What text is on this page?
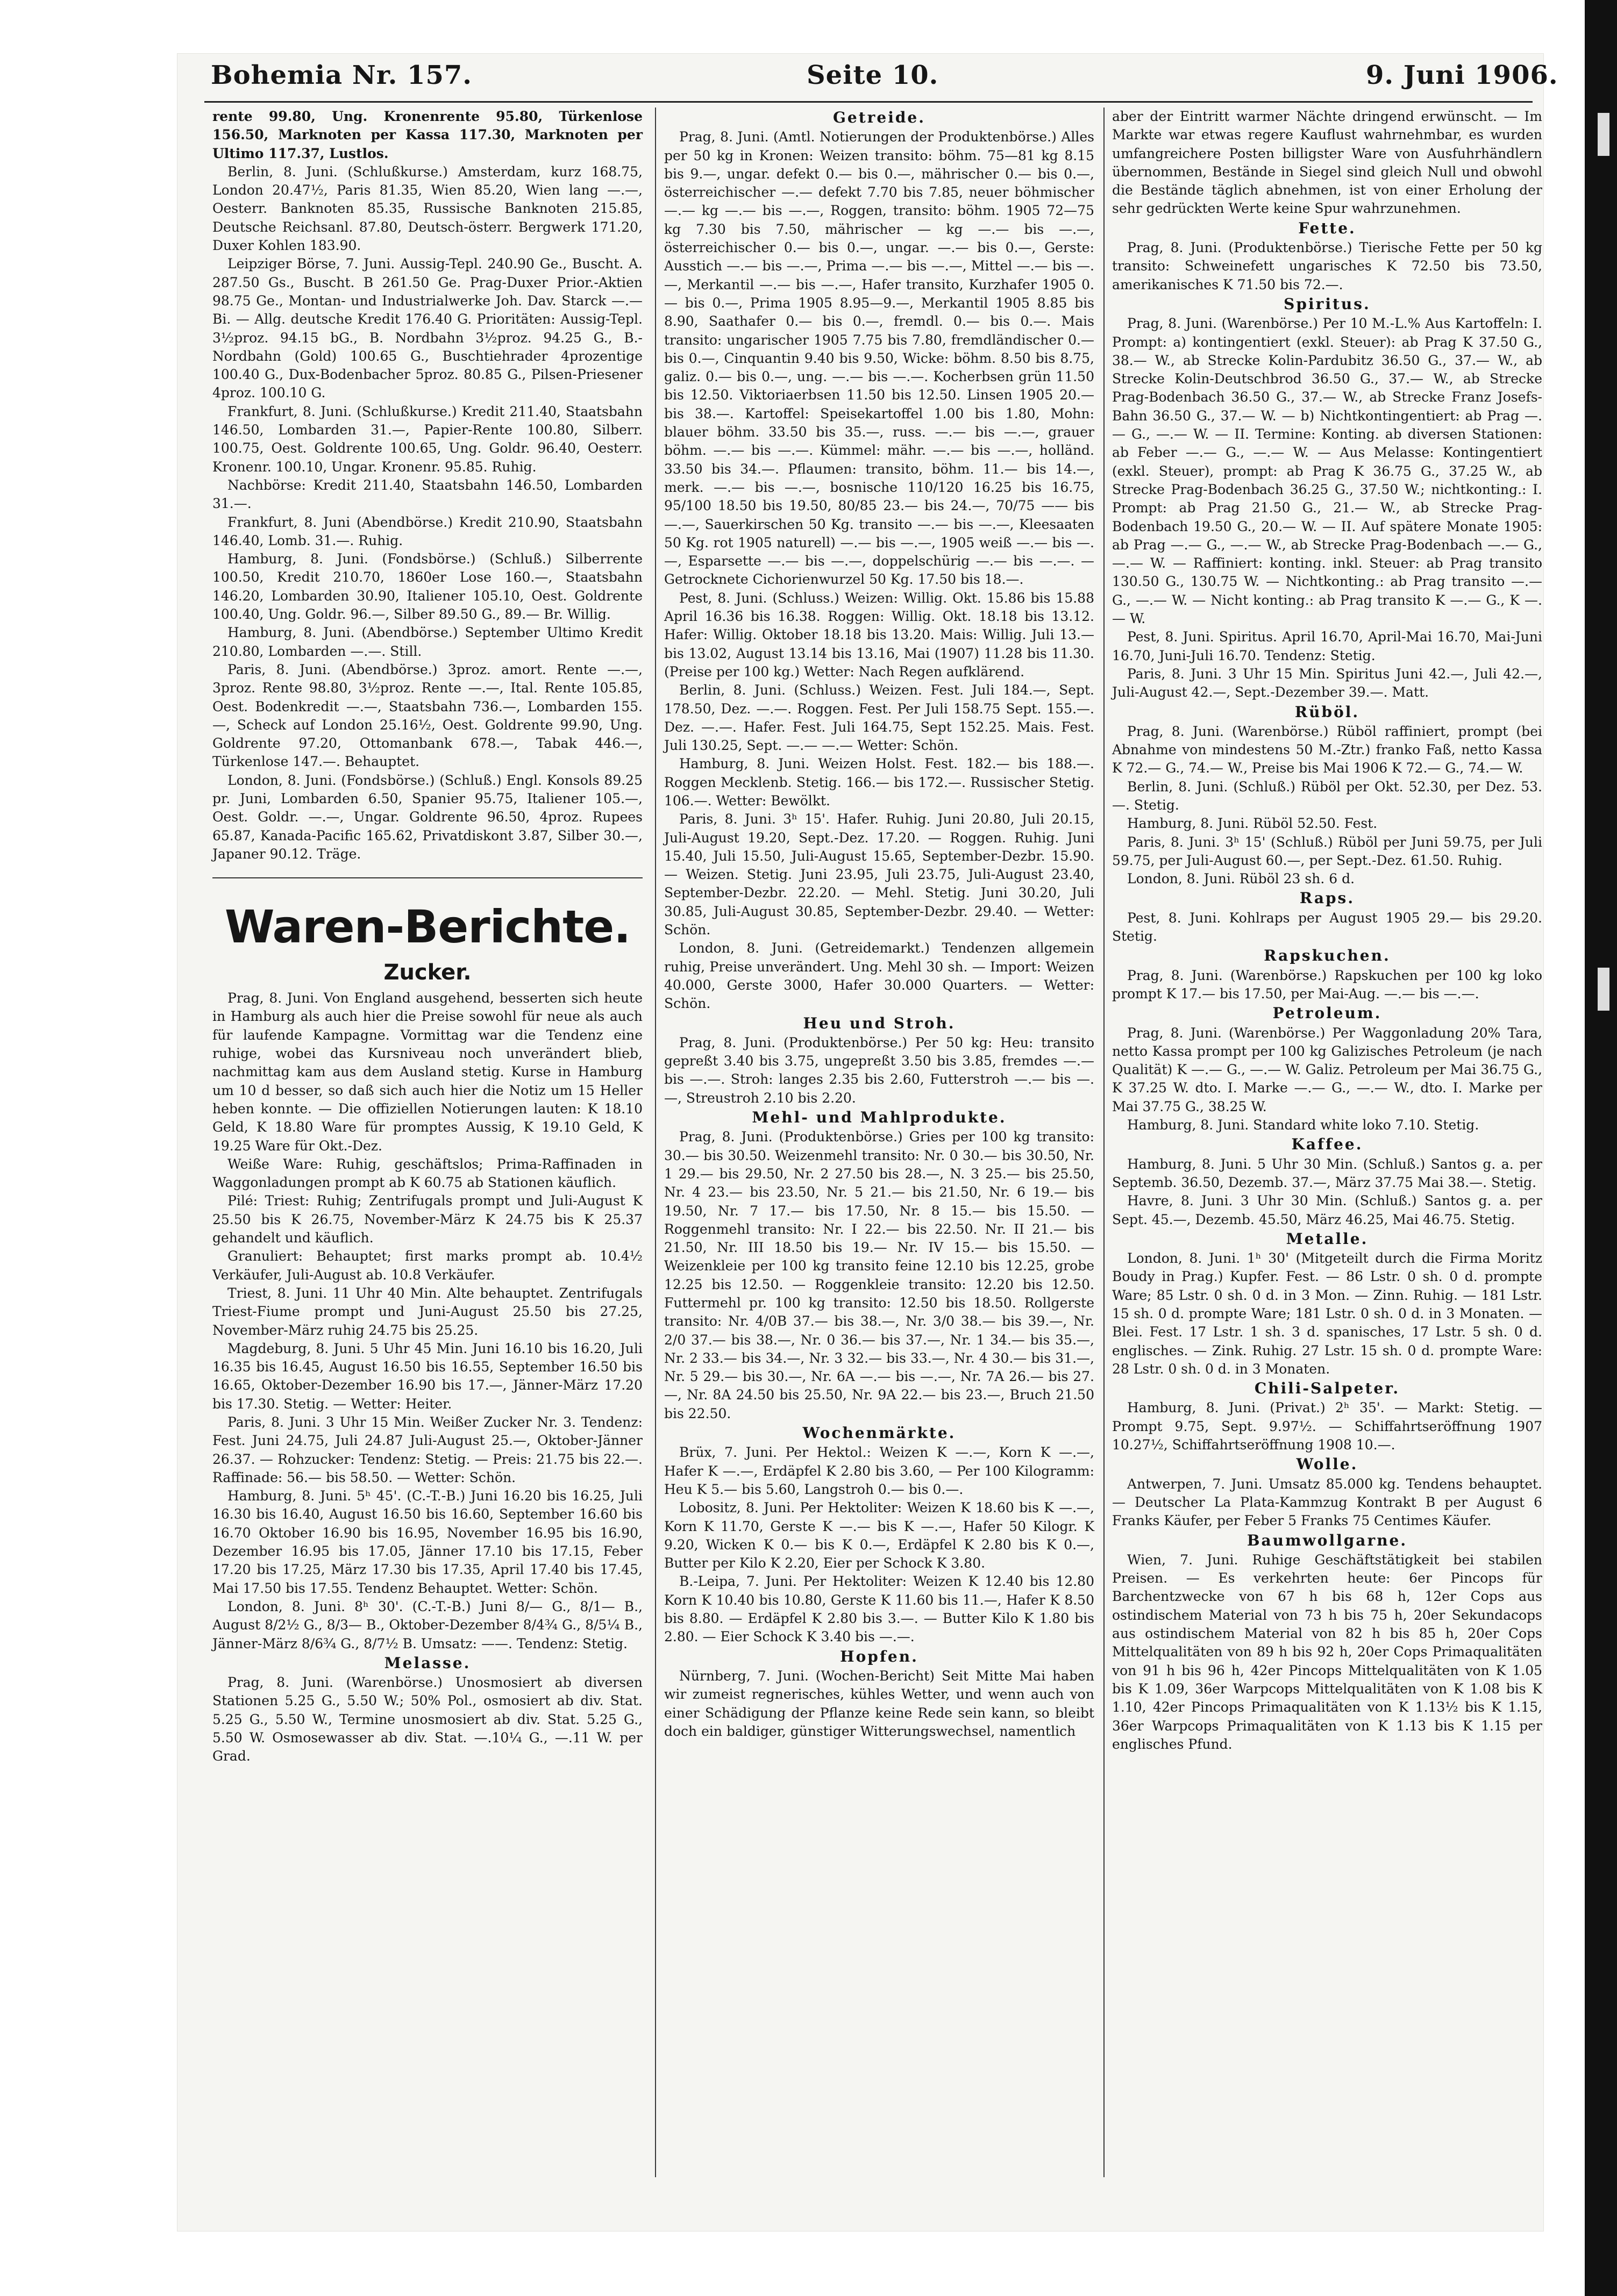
Bohemia Nr. 157.	Seite 10.	9. Juni 1906.

rente 99.80, Ung. Kronenrente 95.80, Türkenlose 156.50, Marknoten per Kassa 117.30, Marknoten per Ultimo 117.37, Lustlos.

Berlin, 8. Juni. (Schlußkurse.) Amsterdam, kurz 168.75, London 20.47½, Paris 81.35, Wien 85.20, Wien lang —.—, Oesterr. Banknoten 85.35, Russische Banknoten 215.85, Deutsche Reichsanl. 87.80, Deutsch-österr. Bergwerk 171.20, Duxer Kohlen 183.90.

Leipziger Börse, 7. Juni. Aussig-Tepl. 240.90 Ge., Buscht. A. 287.50 Gs., Buscht. B 261.50 Ge. Prag-Duxer Prior.-Aktien 98.75 Ge., Montan- und Industrialwerke Joh. Dav. Starck —.— Bi. — Allg. deutsche Kredit 176.40 G. Prioritäten: Aussig-Tepl. 3½proz. 94.15 bG., B. Nordbahn 3½proz. 94.25 G., B.-Nordbahn (Gold) 100.65 G., Buschtiehrader 4prozentige 100.40 G., Dux-Bodenbacher 5proz. 80.85 G., Pilsen-Priesener 4proz. 100.10 G.

Frankfurt, 8. Juni. (Schlußkurse.) Kredit 211.40, Staatsbahn 146.50, Lombarden 31.—, Papier-Rente 100.80, Silberr. 100.75, Oest. Goldrente 100.65, Ung. Goldr. 96.40, Oesterr. Kronenr. 100.10, Ungar. Kronenr. 95.85. Ruhig.

Nachbörse: Kredit 211.40, Staatsbahn 146.50, Lombarden 31.—.

Frankfurt, 8. Juni (Abendbörse.) Kredit 210.90, Staatsbahn 146.40, Lomb. 31.—. Ruhig.

Hamburg, 8. Juni. (Fondsbörse.) (Schluß.) Silberrente 100.50, Kredit 210.70, 1860er Lose 160.—, Staatsbahn 146.20, Lombarden 30.90, Italiener 105.10, Oest. Goldrente 100.40, Ung. Goldr. 96.—, Silber 89.50 G., 89.— Br. Willig.

Hamburg, 8. Juni. (Abendbörse.) September Ultimo Kredit 210.80, Lombarden —.—. Still.

Paris, 8. Juni. (Abendbörse.) 3proz. amort. Rente —.—, 3proz. Rente 98.80, 3½proz. Rente —.—, Ital. Rente 105.85, Oest. Bodenkredit —.—, Staatsbahn 736.—, Lombarden 155.—, Scheck auf London 25.16½, Oest. Goldrente 99.90, Ung. Goldrente 97.20, Ottomanbank 678.—, Tabak 446.—, Türkenlose 147.—. Behauptet.

London, 8. Juni. (Fondsbörse.) (Schluß.) Engl. Konsols 89.25 pr. Juni, Lombarden 6.50, Spanier 95.75, Italiener 105.—, Oest. Goldr. —.—, Ungar. Goldrente 96.50, 4proz. Rupees 65.87, Kanada-Pacific 165.62, Privatdiskont 3.87, Silber 30.—, Japaner 90.12. Träge.

Waren-Berichte.
Zucker.

Prag, 8. Juni. Von England ausgehend, besserten sich heute in Hamburg als auch hier die Preise sowohl für neue als auch für laufende Kampagne. Vormittag war die Tendenz eine ruhige, wobei das Kursniveau noch unverändert blieb, nachmittag kam aus dem Ausland stetig. Kurse in Hamburg um 10 d besser, so daß sich auch hier die Notiz um 15 Heller heben konnte. — Die offiziellen Notierungen lauten: K 18.10 Geld, K 18.80 Ware für promptes Aussig, K 19.10 Geld, K 19.25 Ware für Okt.-Dez.

Weiße Ware: Ruhig, geschäftslos; Prima-Raffinaden in Waggonladungen prompt ab K 60.75 ab Stationen käuflich.

Pilé: Triest: Ruhig; Zentrifugals prompt und Juli-August K 25.50 bis K 26.75, November-März K 24.75 bis K 25.37 gehandelt und käuflich.

Granuliert: Behauptet; first marks prompt ab. 10.4½ Verkäufer, Juli-August ab. 10.8 Verkäufer.

Triest, 8. Juni. 11 Uhr 40 Min. Alte behauptet. Zentrifugals Triest-Fiume prompt und Juni-August 25.50 bis 27.25, November-März ruhig 24.75 bis 25.25.

Magdeburg, 8. Juni. 5 Uhr 45 Min. Juni 16.10 bis 16.20, Juli 16.35 bis 16.45, August 16.50 bis 16.55, September 16.50 bis 16.65, Oktober-Dezember 16.90 bis 17.—, Jänner-März 17.20 bis 17.30. Stetig. — Wetter: Heiter.

Paris, 8. Juni. 3 Uhr 15 Min. Weißer Zucker Nr. 3. Tendenz: Fest. Juni 24.75, Juli 24.87 Juli-August 25.—, Oktober-Jänner 26.37. — Rohzucker: Tendenz: Stetig. — Preis: 21.75 bis 22.—. Raffinade: 56.— bis 58.50. — Wetter: Schön.

Hamburg, 8. Juni. 5ʰ 45'. (C.-T.-B.) Juni 16.20 bis 16.25, Juli 16.30 bis 16.40, August 16.50 bis 16.60, September 16.60 bis 16.70 Oktober 16.90 bis 16.95, November 16.95 bis 16.90, Dezember 16.95 bis 17.05, Jänner 17.10 bis 17.15, Feber 17.20 bis 17.25, März 17.30 bis 17.35, April 17.40 bis 17.45, Mai 17.50 bis 17.55. Tendenz Behauptet. Wetter: Schön.

London, 8. Juni. 8ʰ 30'. (C.-T.-B.) Juni 8/— G., 8/1— B., August 8/2½ G., 8/3— B., Oktober-Dezember 8/4¾ G., 8/5¼ B., Jänner-März 8/6¾ G., 8/7½ B. Umsatz: ——. Tendenz: Stetig.

Melasse.

Prag, 8. Juni. (Warenbörse.) Unosmosiert ab diversen Stationen 5.25 G., 5.50 W.; 50% Pol., osmosiert ab div. Stat. 5.25 G., 5.50 W., Termine unosmosiert ab div. Stat. 5.25 G., 5.50 W. Osmosewasser ab div. Stat. —.10¼ G., —.11 W. per Grad.

Getreide.

Prag, 8. Juni. (Amtl. Notierungen der Produktenbörse.) Alles per 50 kg in Kronen: Weizen transito: böhm. 75—81 kg 8.15 bis 9.—, ungar. defekt 0.— bis 0.—, mährischer 0.— bis 0.—, österreichischer —.— defekt 7.70 bis 7.85, neuer böhmischer —.— kg —.— bis —.—, Roggen, transito: böhm. 1905 72—75 kg 7.30 bis 7.50, mährischer — kg —.— bis —.—, österreichischer 0.— bis 0.—, ungar. —.— bis 0.—, Gerste: Ausstich —.— bis —.—, Prima —.— bis —.—, Mittel —.— bis —.—, Merkantil —.— bis —.—, Hafer transito, Kurzhafer 1905 0.— bis 0.—, Prima 1905 8.95—9.—, Merkantil 1905 8.85 bis 8.90, Saathafer 0.— bis 0.—, fremdl. 0.— bis 0.—. Mais transito: ungarischer 1905 7.75 bis 7.80, fremdländischer 0.— bis 0.—, Cinquantin 9.40 bis 9.50, Wicke: böhm. 8.50 bis 8.75, galiz. 0.— bis 0.—, ung. —.— bis —.—. Kocherbsen grün 11.50 bis 12.50. Viktoriaerbsen 11.50 bis 12.50. Linsen 1905 20.— bis 38.—. Kartoffel: Speisekartoffel 1.00 bis 1.80, Mohn: blauer böhm. 33.50 bis 35.—, russ. —.— bis —.—, grauer böhm. —.— bis —.—. Kümmel: mähr. —.— bis —.—, holländ. 33.50 bis 34.—. Pflaumen: transito, böhm. 11.— bis 14.—, merk. —.— bis —.—, bosnische 110/120 16.25 bis 16.75, 95/100 18.50 bis 19.50, 80/85 23.— bis 24.—, 70/75 —— bis —.—, Sauerkirschen 50 Kg. transito —.— bis —.—, Kleesaaten 50 Kg. rot 1905 naturell) —.— bis —.—, 1905 weiß —.— bis —.—, Esparsette —.— bis —.—, doppelschürig —.— bis —.—. — Getrocknete Cichorienwurzel 50 Kg. 17.50 bis 18.—.

Pest, 8. Juni. (Schluss.) Weizen: Willig. Okt. 15.86 bis 15.88 April 16.36 bis 16.38. Roggen: Willig. Okt. 18.18 bis 13.12. Hafer: Willig. Oktober 18.18 bis 13.20. Mais: Willig. Juli 13.— bis 13.02, August 13.14 bis 13.16, Mai (1907) 11.28 bis 11.30. (Preise per 100 kg.) Wetter: Nach Regen aufklärend.

Berlin, 8. Juni. (Schluss.) Weizen. Fest. Juli 184.—, Sept. 178.50, Dez. —.—. Roggen. Fest. Per Juli 158.75 Sept. 155.—. Dez. —.—. Hafer. Fest. Juli 164.75, Sept 152.25. Mais. Fest. Juli 130.25, Sept. —.— —.— Wetter: Schön.

Hamburg, 8. Juni. Weizen Holst. Fest. 182.— bis 188.—. Roggen Mecklenb. Stetig. 166.— bis 172.—. Russischer Stetig. 106.—. Wetter: Bewölkt.

Paris, 8. Juni. 3ʰ 15'. Hafer. Ruhig. Juni 20.80, Juli 20.15, Juli-August 19.20, Sept.-Dez. 17.20. — Roggen. Ruhig. Juni 15.40, Juli 15.50, Juli-August 15.65, September-Dezbr. 15.90. — Weizen. Stetig. Juni 23.95, Juli 23.75, Juli-August 23.40, September-Dezbr. 22.20. — Mehl. Stetig. Juni 30.20, Juli 30.85, Juli-August 30.85, September-Dezbr. 29.40. — Wetter: Schön.

London, 8. Juni. (Getreidemarkt.) Tendenzen allgemein ruhig, Preise unverändert. Ung. Mehl 30 sh. — Import: Weizen 40.000, Gerste 3000, Hafer 30.000 Quarters. — Wetter: Schön.

Heu und Stroh.

Prag, 8. Juni. (Produktenbörse.) Per 50 kg: Heu: transito gepreßt 3.40 bis 3.75, ungepreßt 3.50 bis 3.85, fremdes —.— bis —.—. Stroh: langes 2.35 bis 2.60, Futterstroh —.— bis —.—, Streustroh 2.10 bis 2.20.

Mehl- und Mahlprodukte.

Prag, 8. Juni. (Produktenbörse.) Gries per 100 kg transito: 30.— bis 30.50. Weizenmehl transito: Nr. 0 30.— bis 30.50, Nr. 1 29.— bis 29.50, Nr. 2 27.50 bis 28.—, N. 3 25.— bis 25.50, Nr. 4 23.— bis 23.50, Nr. 5 21.— bis 21.50, Nr. 6 19.— bis 19.50, Nr. 7 17.— bis 17.50, Nr. 8 15.— bis 15.50. — Roggenmehl transito: Nr. I 22.— bis 22.50. Nr. II 21.— bis 21.50, Nr. III 18.50 bis 19.— Nr. IV 15.— bis 15.50. — Weizenkleie per 100 kg transito feine 12.10 bis 12.25, grobe 12.25 bis 12.50. — Roggenkleie transito: 12.20 bis 12.50. Futtermehl pr. 100 kg transito: 12.50 bis 18.50. Rollgerste transito: Nr. 4/0B 37.— bis 38.—, Nr. 3/0 38.— bis 39.—, Nr. 2/0 37.— bis 38.—, Nr. 0 36.— bis 37.—, Nr. 1 34.— bis 35.—, Nr. 2 33.— bis 34.—, Nr. 3 32.— bis 33.—, Nr. 4 30.— bis 31.—, Nr. 5 29.— bis 30.—, Nr. 6A —.— bis —.—, Nr. 7A 26.— bis 27.—, Nr. 8A 24.50 bis 25.50, Nr. 9A 22.— bis 23.—, Bruch 21.50 bis 22.50.

Wochenmärkte.

Brüx, 7. Juni. Per Hektol.: Weizen K —.—, Korn K —.—, Hafer K —.—, Erdäpfel K 2.80 bis 3.60, — Per 100 Kilogramm: Heu K 5.— bis 5.60, Langstroh 0.— bis 0.—.

Lobositz, 8. Juni. Per Hektoliter: Weizen K 18.60 bis K —.—, Korn K 11.70, Gerste K —.— bis K —.—, Hafer 50 Kilogr. K 9.20, Wicken K 0.— bis K 0.—, Erdäpfel K 2.80 bis K 0.—, Butter per Kilo K 2.20, Eier per Schock K 3.80.

B.-Leipa, 7. Juni. Per Hektoliter: Weizen K 12.40 bis 12.80 Korn K 10.40 bis 10.80, Gerste K 11.60 bis 11.—, Hafer K 8.50 bis 8.80. — Erdäpfel K 2.80 bis 3.—. — Butter Kilo K 1.80 bis 2.80. — Eier Schock K 3.40 bis —.—.

Hopfen.

Nürnberg, 7. Juni. (Wochen-Bericht) Seit Mitte Mai haben wir zumeist regnerisches, kühles Wetter, und wenn auch von einer Schädigung der Pflanze keine Rede sein kann, so bleibt doch ein baldiger, günstiger Witterungswechsel, namentlich

aber der Eintritt warmer Nächte dringend erwünscht. — Im Markte war etwas regere Kauflust wahrnehmbar, es wurden umfangreichere Posten billigster Ware von Ausfuhrhändlern übernommen, Bestände in Siegel sind gleich Null und obwohl die Bestände täglich abnehmen, ist von einer Erholung der sehr gedrückten Werte keine Spur wahrzunehmen.

Fette.

Prag, 8. Juni. (Produktenbörse.) Tierische Fette per 50 kg transito: Schweinefett ungarisches K 72.50 bis 73.50, amerikanisches K 71.50 bis 72.—.

Spiritus.

Prag, 8. Juni. (Warenbörse.) Per 10 M.-L.% Aus Kartoffeln: I. Prompt: a) kontingentiert (exkl. Steuer): ab Prag K 37.50 G., 38.— W., ab Strecke Kolin-Pardubitz 36.50 G., 37.— W., ab Strecke Kolin-Deutschbrod 36.50 G., 37.— W., ab Strecke Prag-Bodenbach 36.50 G., 37.— W., ab Strecke Franz Josefs-Bahn 36.50 G., 37.— W. — b) Nichtkontingentiert: ab Prag —.— G., —.— W. — II. Termine: Konting. ab diversen Stationen: ab Feber —.— G., —.— W. — Aus Melasse: Kontingentiert (exkl. Steuer), prompt: ab Prag K 36.75 G., 37.25 W., ab Strecke Prag-Bodenbach 36.25 G., 37.50 W.; nichtkonting.: I. Prompt: ab Prag 21.50 G., 21.— W., ab Strecke Prag-Bodenbach 19.50 G., 20.— W. — II. Auf spätere Monate 1905: ab Prag —.— G., —.— W., ab Strecke Prag-Bodenbach —.— G., —.— W. — Raffiniert: konting. inkl. Steuer: ab Prag transito 130.50 G., 130.75 W. — Nichtkonting.: ab Prag transito —.— G., —.— W. — Nicht konting.: ab Prag transito K —.— G., K —.— W.

Pest, 8. Juni. Spiritus. April 16.70, April-Mai 16.70, Mai-Juni 16.70, Juni-Juli 16.70. Tendenz: Stetig.

Paris, 8. Juni. 3 Uhr 15 Min. Spiritus Juni 42.—, Juli 42.—, Juli-August 42.—, Sept.-Dezember 39.—. Matt.

Rüböl.

Prag, 8. Juni. (Warenbörse.) Rüböl raffiniert, prompt (bei Abnahme von mindestens 50 M.-Ztr.) franko Faß, netto Kassa K 72.— G., 74.— W., Preise bis Mai 1906 K 72.— G., 74.— W.

Berlin, 8. Juni. (Schluß.) Rüböl per Okt. 52.30, per Dez. 53.—. Stetig.

Hamburg, 8. Juni. Rüböl 52.50. Fest.

Paris, 8. Juni. 3ʰ 15' (Schluß.) Rüböl per Juni 59.75, per Juli 59.75, per Juli-August 60.—, per Sept.-Dez. 61.50. Ruhig.

London, 8. Juni. Rüböl 23 sh. 6 d.

Raps.

Pest, 8. Juni. Kohlraps per August 1905 29.— bis 29.20. Stetig.

Rapskuchen.

Prag, 8. Juni. (Warenbörse.) Rapskuchen per 100 kg loko prompt K 17.— bis 17.50, per Mai-Aug. —.— bis —.—.

Petroleum.

Prag, 8. Juni. (Warenbörse.) Per Waggonladung 20% Tara, netto Kassa prompt per 100 kg Galizisches Petroleum (je nach Qualität) K —.— G., —.— W. Galiz. Petroleum per Mai 36.75 G., K 37.25 W. dto. I. Marke —.— G., —.— W., dto. I. Marke per Mai 37.75 G., 38.25 W.

Hamburg, 8. Juni. Standard white loko 7.10. Stetig.

Kaffee.

Hamburg, 8. Juni. 5 Uhr 30 Min. (Schluß.) Santos g. a. per Septemb. 36.50, Dezemb. 37.—, März 37.75 Mai 38.—. Stetig.

Havre, 8. Juni. 3 Uhr 30 Min. (Schluß.) Santos g. a. per Sept. 45.—, Dezemb. 45.50, März 46.25, Mai 46.75. Stetig.

Metalle.

London, 8. Juni. 1ʰ 30' (Mitgeteilt durch die Firma Moritz Boudy in Prag.) Kupfer. Fest. — 86 Lstr. 0 sh. 0 d. prompte Ware; 85 Lstr. 0 sh. 0 d. in 3 Mon. — Zinn. Ruhig. — 181 Lstr. 15 sh. 0 d. prompte Ware; 181 Lstr. 0 sh. 0 d. in 3 Monaten. — Blei. Fest. 17 Lstr. 1 sh. 3 d. spanisches, 17 Lstr. 5 sh. 0 d. englisches. — Zink. Ruhig. 27 Lstr. 15 sh. 0 d. prompte Ware: 28 Lstr. 0 sh. 0 d. in 3 Monaten.

Chili-Salpeter.

Hamburg, 8. Juni. (Privat.) 2ʰ 35'. — Markt: Stetig. — Prompt 9.75, Sept. 9.97½. — Schiffahrtseröffnung 1907 10.27½, Schiffahrtseröffnung 1908 10.—.

Wolle.

Antwerpen, 7. Juni. Umsatz 85.000 kg. Tendens behauptet. — Deutscher La Plata-Kammzug Kontrakt B per August 6 Franks Käufer, per Feber 5 Franks 75 Centimes Käufer.

Baumwollgarne.

Wien, 7. Juni. Ruhige Geschäftstätigkeit bei stabilen Preisen. — Es verkehrten heute: 6er Pincops für Barchentzwecke von 67 h bis 68 h, 12er Cops aus ostindischem Material von 73 h bis 75 h, 20er Sekundacops aus ostindischem Material von 82 h bis 85 h, 20er Cops Mittelqualitäten von 89 h bis 92 h, 20er Cops Primaqualitäten von 91 h bis 96 h, 42er Pincops Mittelqualitäten von K 1.05 bis K 1.09, 36er Warpcops Mittelqualitäten von K 1.08 bis K 1.10, 42er Pincops Primaqualitäten von K 1.13½ bis K 1.15, 36er Warpcops Primaqualitäten von K 1.13 bis K 1.15 per englisches Pfund.
